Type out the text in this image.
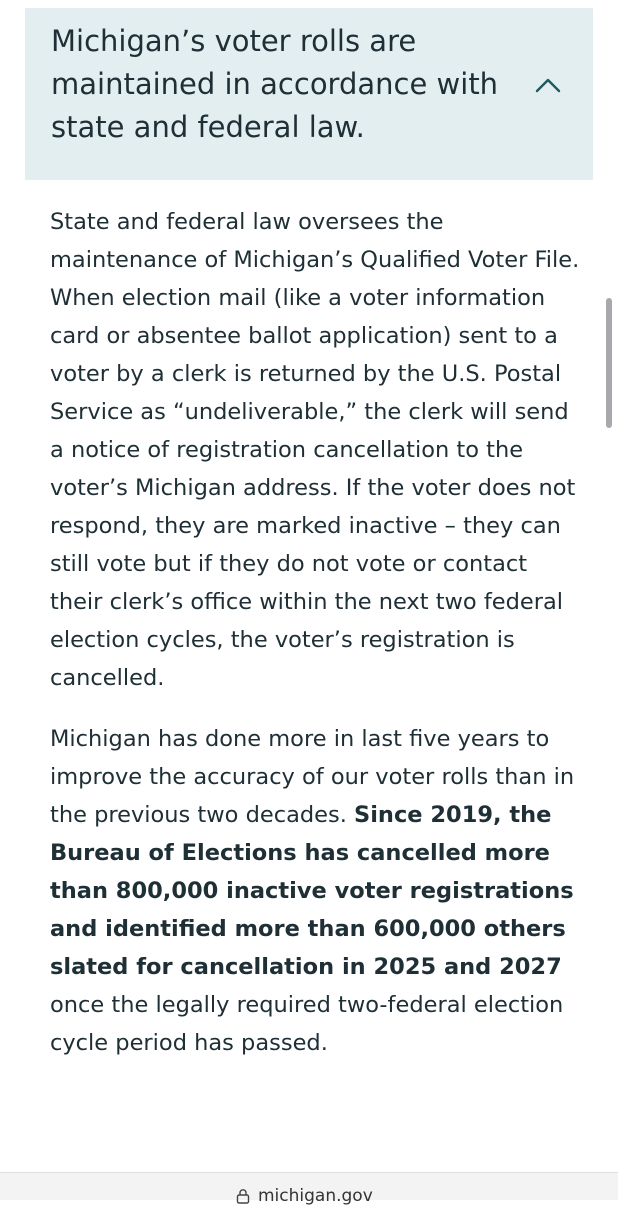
Michigan’s voter rolls are maintained in accordance with state and federal law.

State and federal law oversees the maintenance of Michigan’s Qualified Voter File. When election mail (like a voter information card or absentee ballot application) sent to a voter by a clerk is returned by the U.S. Postal Service as “undeliverable,” the clerk will send a notice of registration cancellation to the voter’s Michigan address. If the voter does not respond, they are marked inactive – they can still vote but if they do not vote or contact their clerk’s office within the next two federal election cycles, the voter’s registration is cancelled.

Michigan has done more in last five years to improve the accuracy of our voter rolls than in the previous two decades. Since 2019, the Bureau of Elections has cancelled more than 800,000 inactive voter registrations and identified more than 600,000 others slated for cancellation in 2025 and 2027 once the legally required two-federal election cycle period has passed.

michigan.gov
